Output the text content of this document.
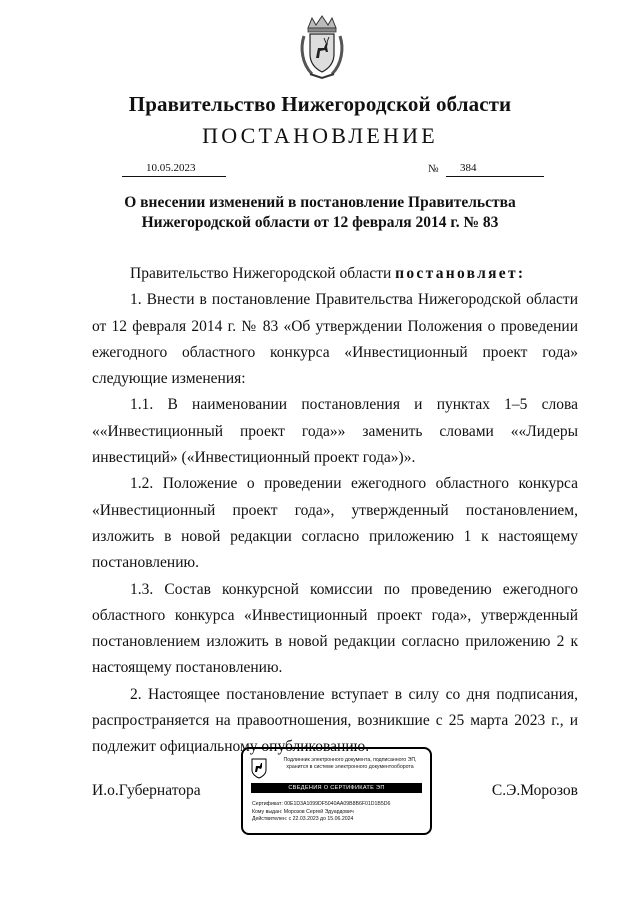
Правительство Нижегородской области
ПОСТАНОВЛЕНИЕ
10.05.2023	№	384
О внесении изменений в постановление Правительства
Нижегородской области от 12 февраля 2014 г. № 83

Правительство Нижегородской области постановляет:

1. Внести в постановление Правительства Нижегородской области от 12 февраля 2014 г. № 83 «Об утверждении Положения о проведении ежегодного областного конкурса «Инвестиционный проект года» следующие изменения:

1.1. В наименовании постановления и пунктах 1–5 слова ««Инвестиционный проект года»» заменить словами ««Лидеры инвестиций» («Инвестиционный проект года»)».

1.2. Положение о проведении ежегодного областного конкурса «Инвестиционный проект года», утвержденный постановлением, изложить в новой редакции согласно приложению 1 к настоящему постановлению.

1.3. Состав конкурсной комиссии по проведению ежегодного областного конкурса «Инвестиционный проект года», утвержденный постановлением изложить в новой редакции согласно приложению 2 к настоящему постановлению.

2. Настоящее постановление вступает в силу со дня подписания, распространяется на правоотношения, возникшие с 25 марта 2023 г., и подлежит официальному опубликованию.

И.о.Губернатора	С.Э.Морозов
Подлинник электронного документа, подписанного ЭП, хранится в системе электронного документооборота
СВЕДЕНИЯ О СЕРТИФИКАТЕ ЭП
Сертификат: 00E1D3A1099DF5040AA09B8B6F01D1B5D6
Кому выдан: Морозов Сергей Эдуардович
Действителен: с 22.03.2023 до 15.06.2024
